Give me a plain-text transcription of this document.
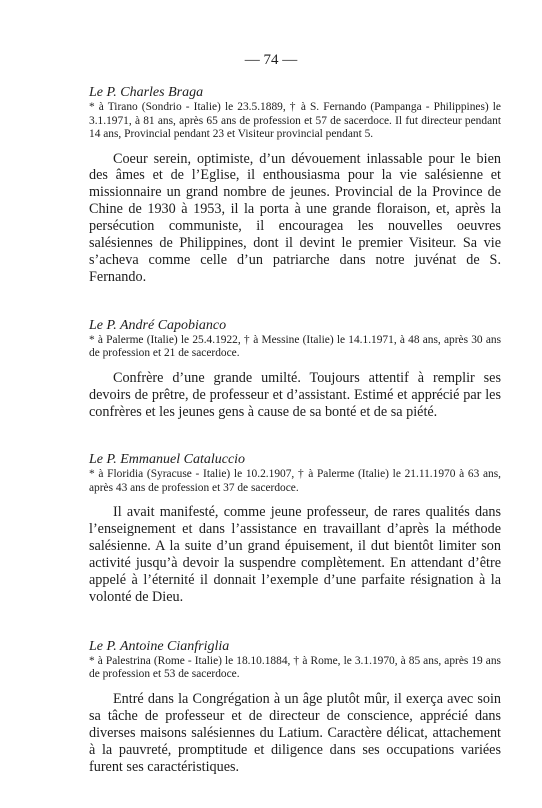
— 74 —

Le P. Charles Braga

* à Tirano (Sondrio - Italie) le 23.5.1889, † à S. Fernando (Pampanga - Philippines) le 3.1.1971, à 81 ans, après 65 ans de profession et 57 de sacerdoce. Il fut directeur pendant 14 ans, Provincial pendant 23 et Visiteur provincial pendant 5.

Coeur serein, optimiste, d’un dévouement inlassable pour le bien des âmes et de l’Eglise, il enthousiasma pour la vie salésienne et missionnaire un grand nombre de jeunes. Provincial de la Province de Chine de 1930 à 1953, il la porta à une grande floraison, et, après la persécution communiste, il encouragea les nouvelles oeuvres salésiennes de Philippines, dont il devint le premier Visiteur. Sa vie s’acheva comme celle d’un patriarche dans notre juvénat de S. Fernando.

Le P. André Capobianco

* à Palerme (Italie) le 25.4.1922, † à Messine (Italie) le 14.1.1971, à 48 ans, après 30 ans de profession et 21 de sacerdoce.

Confrère d’une grande umilté. Toujours attentif à remplir ses devoirs de prêtre, de professeur et d’assistant. Estimé et apprécié par les confrères et les jeunes gens à cause de sa bonté et de sa piété.

Le P. Emmanuel Cataluccio

* à Floridia (Syracuse - Italie) le 10.2.1907, † à Palerme (Italie) le 21.11.1970 à 63 ans, après 43 ans de profession et 37 de sacerdoce.

Il avait manifesté, comme jeune professeur, de rares qualités dans l’enseignement et dans l’assistance en travaillant d’après la méthode salésienne. A la suite d’un grand épuisement, il dut bientôt limiter son activité jusqu’à devoir la suspendre complètement. En attendant d’être appelé à l’éternité il donnait l’exemple d’une parfaite résignation à la volonté de Dieu.

Le P. Antoine Cianfriglia

* à Palestrina (Rome - Italie) le 18.10.1884, † à Rome, le 3.1.1970, à 85 ans, après 19 ans de profession et 53 de sacerdoce.

Entré dans la Congrégation à un âge plutôt mûr, il exerça avec soin sa tâche de professeur et de directeur de conscience, apprécié dans diverses maisons salésiennes du Latium. Caractère délicat, attachement à la pauvreté, promptitude et diligence dans ses occupations variées furent ses caractéristiques.
